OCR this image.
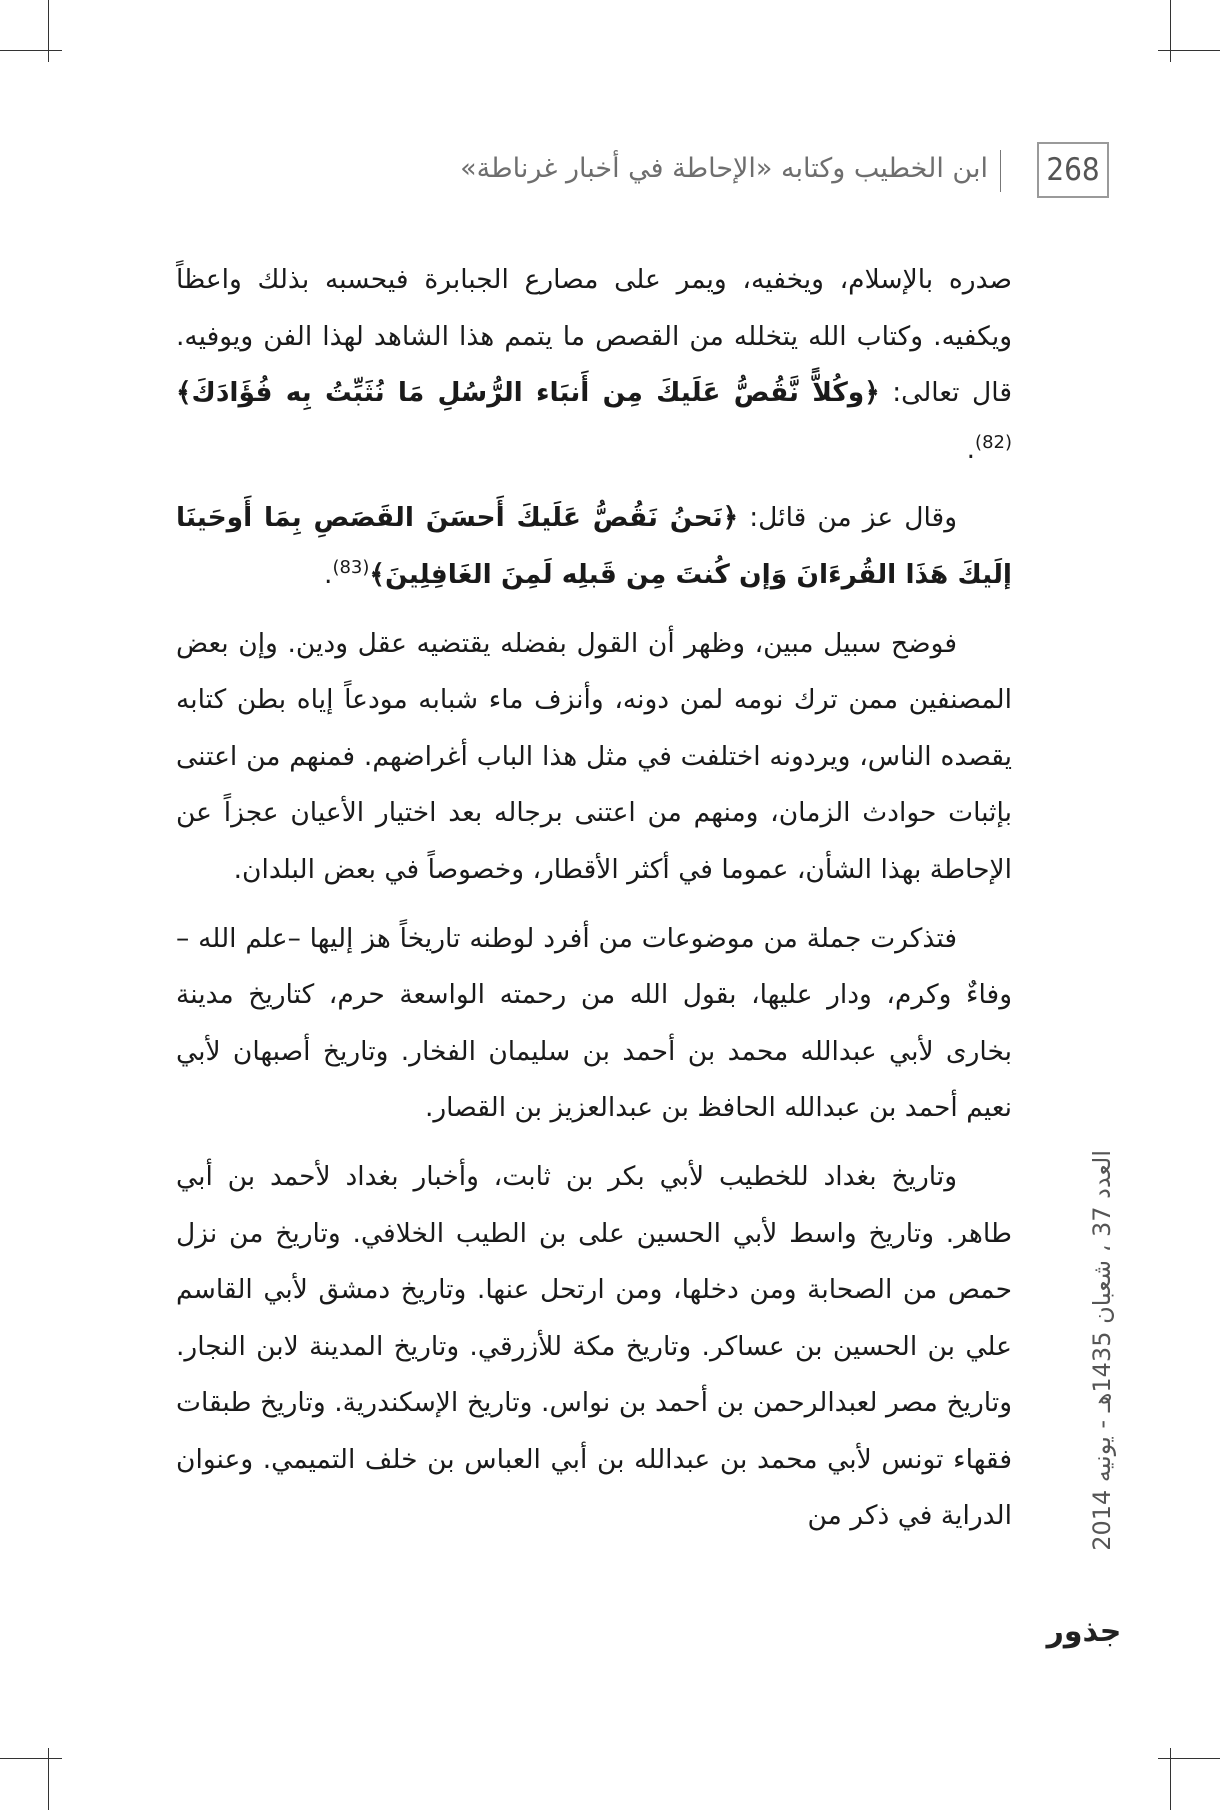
268
ابن الخطيب وكتابه «الإحاطة في أخبار غرناطة»

صدره بالإسلام، ويخفيه، ويمر على مصارع الجبابرة فيحسبه بذلك واعظاً ويكفيه. وكتاب الله يتخلله من القصص ما يتمم هذا الشاهد لهذا الفن ويوفيه. قال تعالى: ﴿وكُلاًّ نَّقُصُّ عَلَيكَ مِن أَنبَاء الرُّسُلِ مَا نُثَبِّتُ بِه فُؤَادَكَ﴾$^{(82)}$.

وقال عز من قائل: ﴿نَحنُ نَقُصُّ عَلَيكَ أَحسَنَ القَصَصِ بِمَا أَوحَينَا إلَيكَ هَذَا القُرءَانَ وَإن كُنتَ مِن قَبلِه لَمِنَ الغَافِلِينَ﴾$^{(83)}$.

فوضح سبيل مبين، وظهر أن القول بفضله يقتضيه عقل ودين. وإن بعض المصنفين ممن ترك نومه لمن دونه، وأنزف ماء شبابه مودعاً إياه بطن كتابه يقصده الناس، ويردونه اختلفت في مثل هذا الباب أغراضهم. فمنهم من اعتنى بإثبات حوادث الزمان، ومنهم من اعتنى برجاله بعد اختيار الأعيان عجزاً عن الإحاطة بهذا الشأن، عموما في أكثر الأقطار، وخصوصاً في بعض البلدان.

فتذكرت جملة من موضوعات من أفرد لوطنه تاريخاً هز إليها –علم الله – وفاءٌ وكرم، ودار عليها، بقول الله من رحمته الواسعة حرم، كتاريخ مدينة بخارى لأبي عبدالله محمد بن أحمد بن سليمان الفخار. وتاريخ أصبهان لأبي نعيم أحمد بن عبدالله الحافظ بن عبدالعزيز بن القصار.

وتاريخ بغداد للخطيب لأبي بكر بن ثابت، وأخبار بغداد لأحمد بن أبي طاهر. وتاريخ واسط لأبي الحسين على بن الطيب الخلافي. وتاريخ من نزل حمص من الصحابة ومن دخلها، ومن ارتحل عنها. وتاريخ دمشق لأبي القاسم علي بن الحسين بن عساكر. وتاريخ مكة للأزرقي. وتاريخ المدينة لابن النجار. وتاريخ مصر لعبدالرحمن بن أحمد بن نواس. وتاريخ الإسكندرية. وتاريخ طبقات فقهاء تونس لأبي محمد بن عبدالله بن أبي العباس بن خلف التميمي. وعنوان الدراية في ذكر من	العدد 37 ، شعبان 1435هـ - يونيه 2014
جذور
